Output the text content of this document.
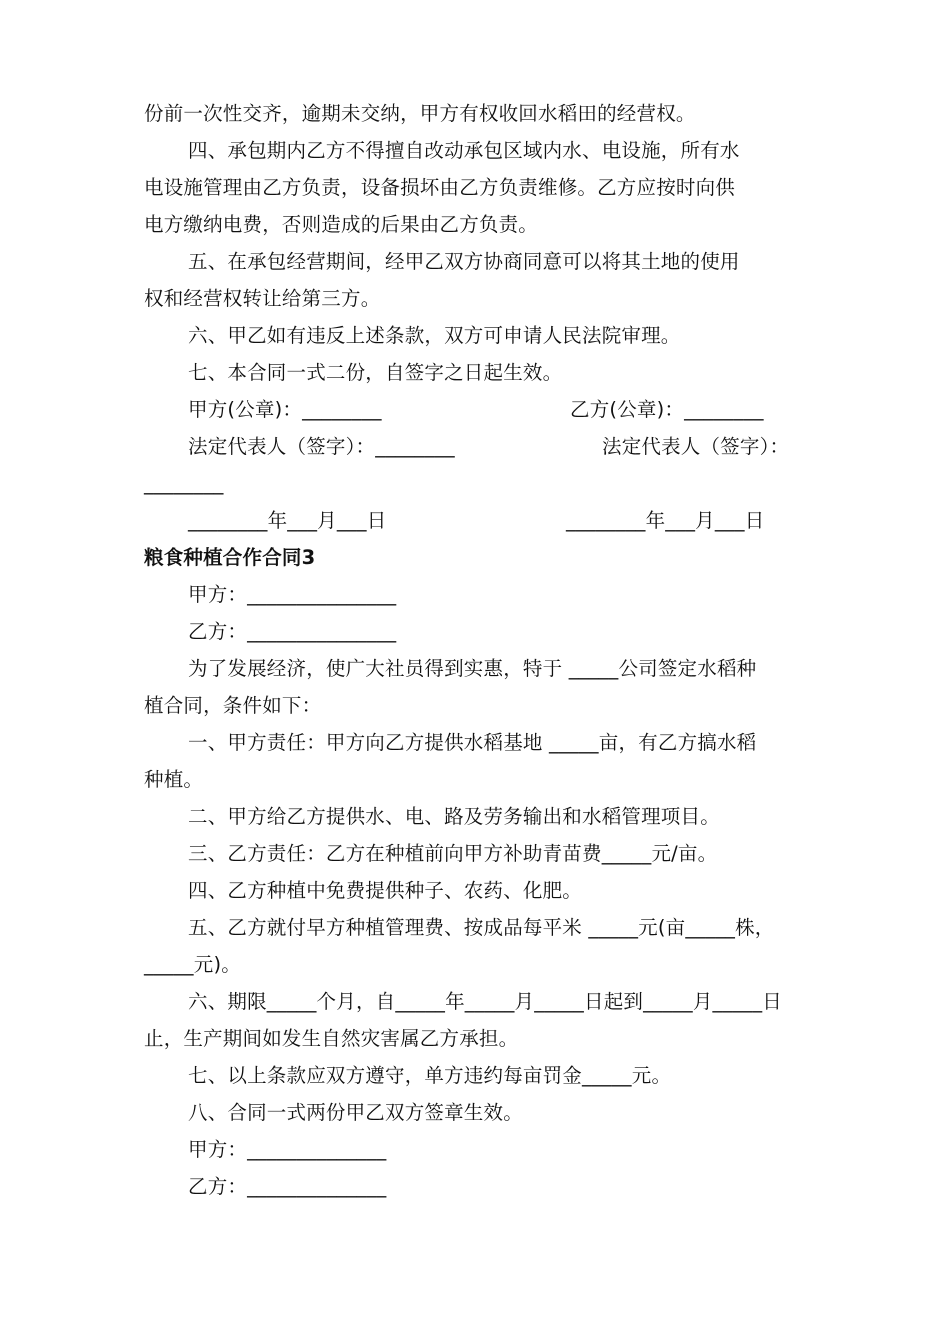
份前一次性交齐，逾期未交纳，甲方有权收回水稻田的经营权。
四、承包期内乙方不得擅自改动承包区域内水、电设施，所有水
电设施管理由乙方负责，设备损坏由乙方负责维修。乙方应按时向供
电方缴纳电费，否则造成的后果由乙方负责。
五、在承包经营期间，经甲乙双方协商同意可以将其土地的使用
权和经营权转让给第三方。
六、甲乙如有违反上述条款，双方可申请人民法院审理。
七、本合同一式二份，自签字之日起生效。
甲方(公章)：________	乙方(公章)：________
法定代表人（签字）：________	法定代表人（签字）：
________
________年___月___日	________年___月___日
粮食种植合作合同3
甲方：_______________
乙方：_______________
为了发展经济，使广大社员得到实惠，特于 _____公司签定水稻种
植合同，条件如下：
一、甲方责任：甲方向乙方提供水稻基地 _____亩，有乙方搞水稻
种植。
二、甲方给乙方提供水、电、路及劳务输出和水稻管理项目。
三、乙方责任：乙方在种植前向甲方补助青苗费_____元/亩。
四、乙方种植中免费提供种子、农药、化肥。
五、乙方就付早方种植管理费、按成品每平米 _____元(亩_____株，
_____元)。
六、期限_____个月，自_____年_____月_____日起到_____月_____日
止，生产期间如发生自然灾害属乙方承担。
七、以上条款应双方遵守，单方违约每亩罚金_____元。
八、合同一式两份甲乙双方签章生效。
甲方：______________
乙方：______________
